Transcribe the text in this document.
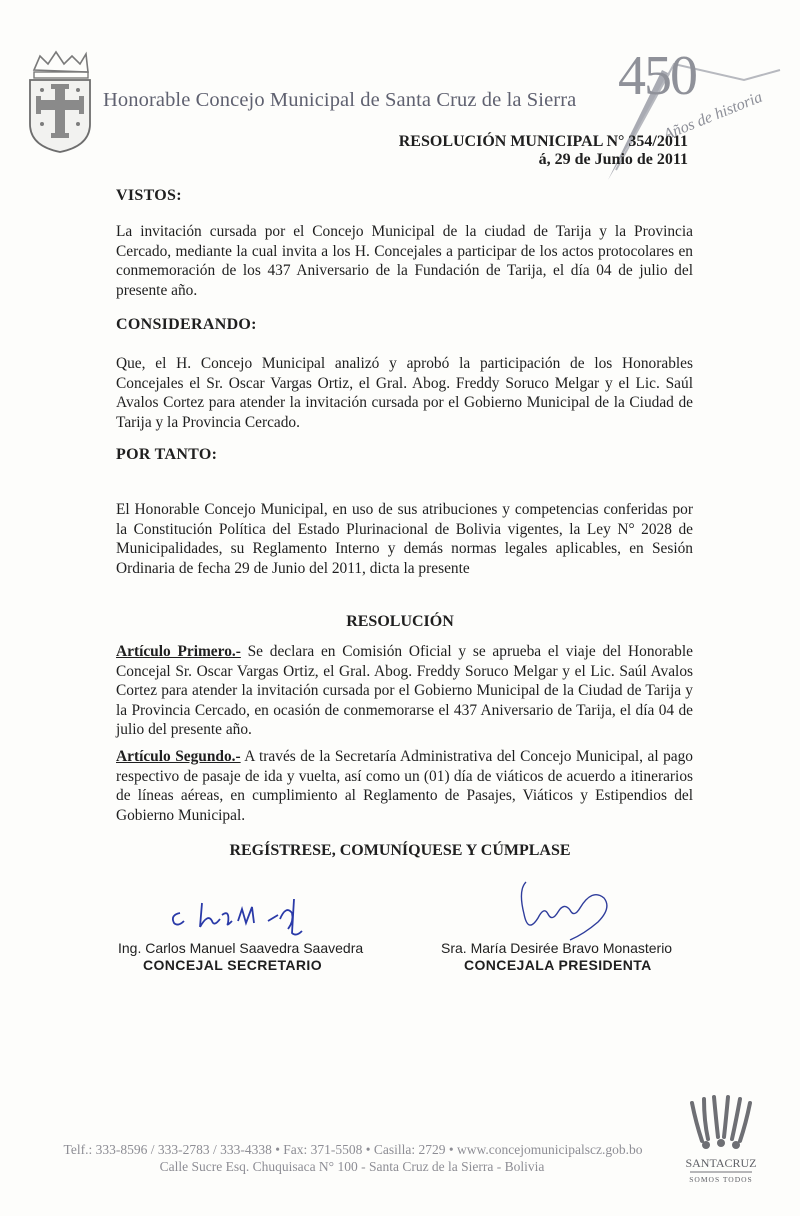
Honorable Concejo Municipal de Santa Cruz de la Sierra 450
Años de historia
RESOLUCIÓN MUNICIPAL N° 354/2011
á, 29 de Junio de 2011
VISTOS:
La invitación cursada por el Concejo Municipal de la ciudad de Tarija y la Provincia Cercado, mediante la cual invita a los H. Concejales a participar de los actos protocolares en conmemoración de los 437 Aniversario de la Fundación de Tarija, el día 04 de julio del presente año.
CONSIDERANDO:
Que, el H. Concejo Municipal analizó y aprobó la participación de los Honorables Concejales el Sr. Oscar Vargas Ortiz, el Gral. Abog. Freddy Soruco Melgar y el Lic. Saúl Avalos Cortez para atender la invitación cursada por el Gobierno Municipal de la Ciudad de Tarija y la Provincia Cercado.
POR TANTO:
El Honorable Concejo Municipal, en uso de sus atribuciones y competencias conferidas por la Constitución Política del Estado Plurinacional de Bolivia vigentes, la Ley N° 2028 de Municipalidades, su Reglamento Interno y demás normas legales aplicables, en Sesión Ordinaria de fecha 29 de Junio del 2011, dicta la presente
RESOLUCIÓN
Artículo Primero.- Se declara en Comisión Oficial y se aprueba el viaje del Honorable Concejal Sr. Oscar Vargas Ortiz, el Gral. Abog. Freddy Soruco Melgar y el Lic. Saúl Avalos Cortez para atender la invitación cursada por el Gobierno Municipal de la Ciudad de Tarija y la Provincia Cercado, en ocasión de conmemorarse el 437 Aniversario de Tarija, el día 04 de julio del presente año.
Artículo Segundo.- A través de la Secretaría Administrativa del Concejo Municipal, al pago respectivo de pasaje de ida y vuelta, así como un (01) día de viáticos de acuerdo a itinerarios de líneas aéreas, en cumplimiento al Reglamento de Pasajes, Viáticos y Estipendios del Gobierno Municipal.
REGÍSTRESE, COMUNÍQUESE Y CÚMPLASE
Ing. Carlos Manuel Saavedra Saavedra
CONCEJAL SECRETARIO
Sra. María Desirée Bravo Monasterio
CONCEJALA PRESIDENTA
Telf.: 333-8596 / 333-2783 / 333-4338 • Fax: 371-5508 • Casilla: 2729 • www.concejomunicipalscz.gob.bo
Calle Sucre Esq. Chuquisaca N° 100 - Santa Cruz de la Sierra - Bolivia	SANTACRUZ
SOMOS TODOS
